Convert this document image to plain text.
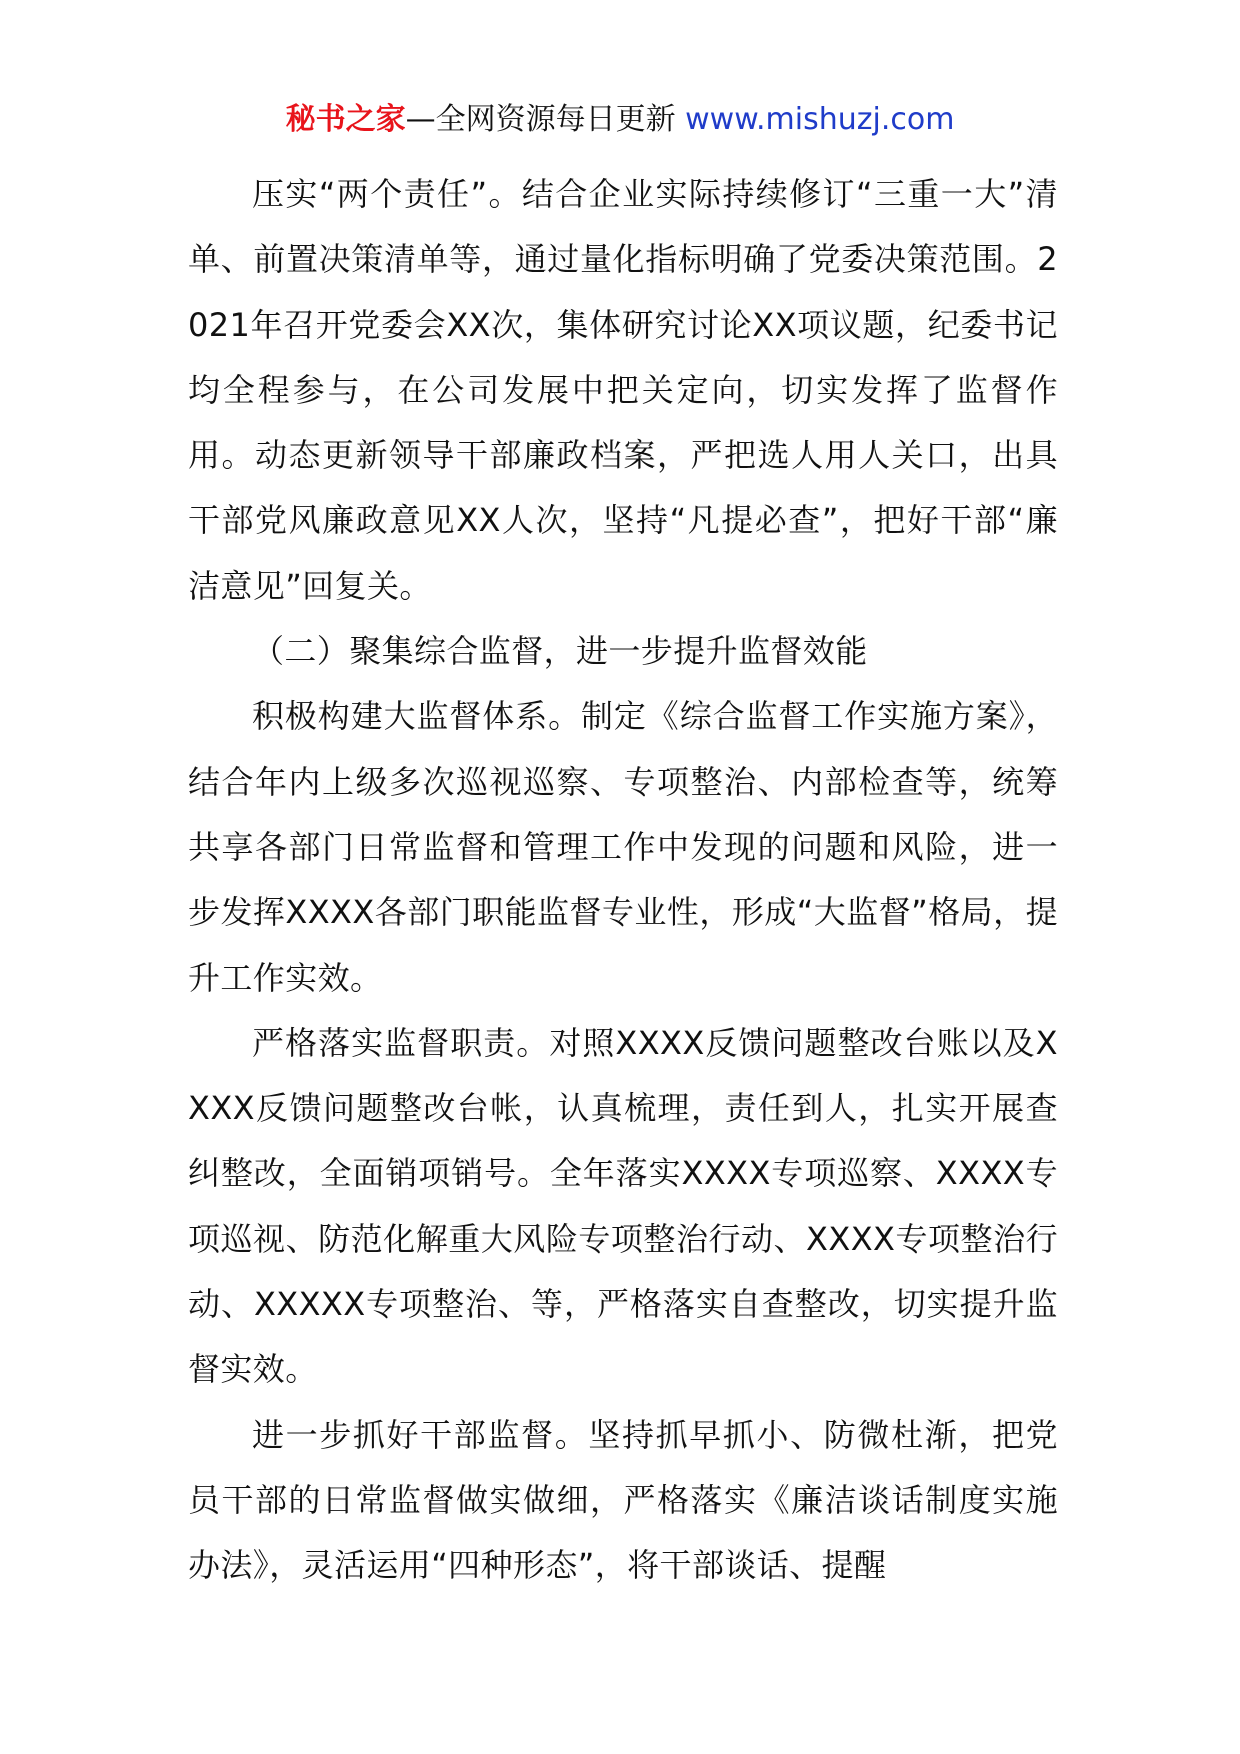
秘书之家—全网资源每日更新 www.mishuzj.com

压实“两个责任”。结合企业实际持续修订“三重一大”清单、前置决策清单等，通过量化指标明确了党委决策范围。2021年召开党委会XX次，集体研究讨论XX项议题，纪委书记均全程参与，在公司发展中把关定向，切实发挥了监督作用。动态更新领导干部廉政档案，严把选人用人关口，出具干部党风廉政意见XX人次，坚持“凡提必查”，把好干部“廉洁意见”回复关。

（二）聚集综合监督，进一步提升监督效能

积极构建大监督体系。制定《综合监督工作实施方案》，结合年内上级多次巡视巡察、专项整治、内部检查等，统筹共享各部门日常监督和管理工作中发现的问题和风险，进一步发挥XXXX各部门职能监督专业性，形成“大监督”格局，提升工作实效。

严格落实监督职责。对照XXXX反馈问题整改台账以及XXXX反馈问题整改台帐，认真梳理，责任到人，扎实开展查纠整改，全面销项销号。全年落实XXXX专项巡察、XXXX专项巡视、防范化解重大风险专项整治行动、XXXX专项整治行动、XXXXX专项整治、等，严格落实自查整改，切实提升监督实效。

进一步抓好干部监督。坚持抓早抓小、防微杜渐，把党员干部的日常监督做实做细，严格落实《廉洁谈话制度实施办法》，灵活运用“四种形态”，将干部谈话、提醒
